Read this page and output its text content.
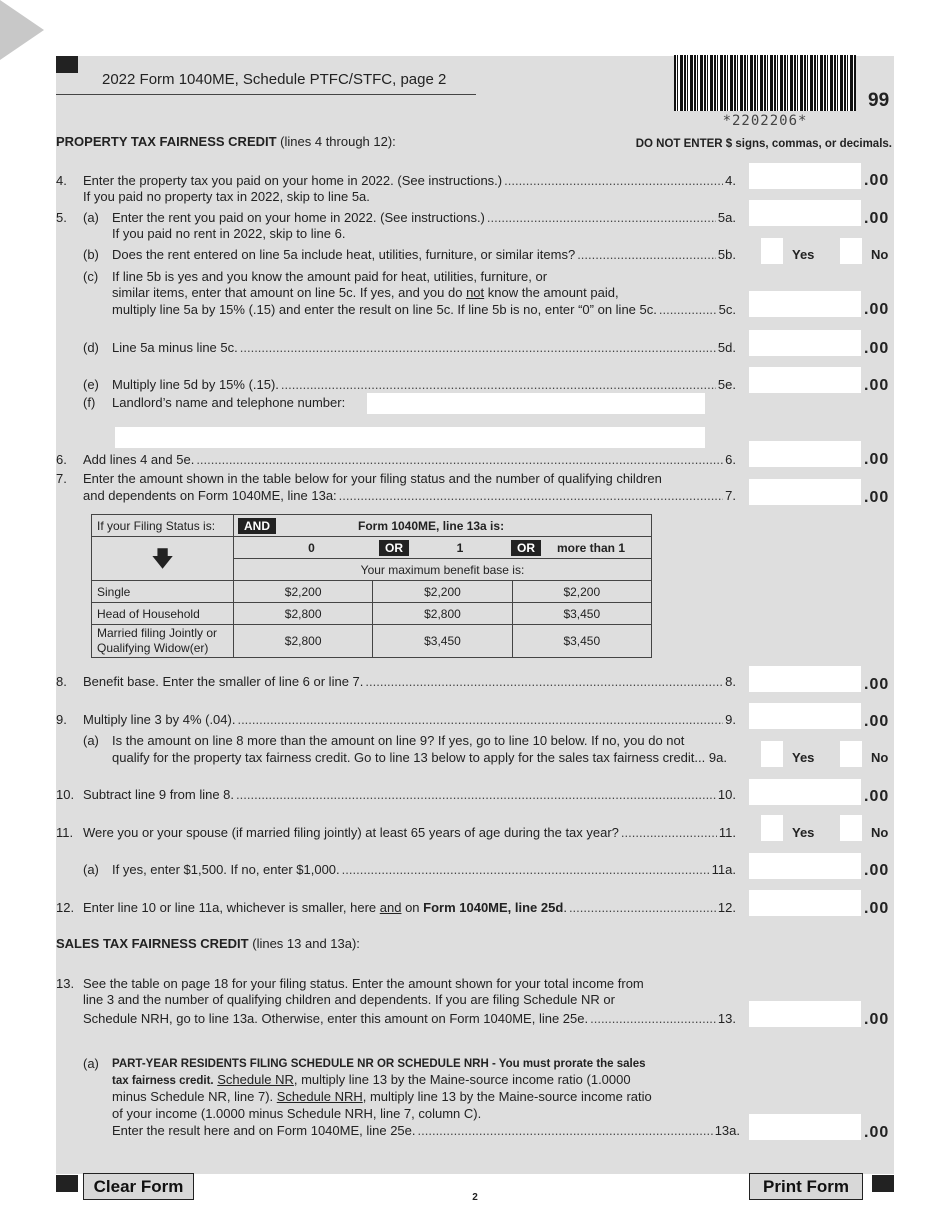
2022 Form 1040ME, Schedule PTFC/STFC, page 2
*2202206*
99
PROPERTY TAX FAIRNESS CREDIT (lines 4 through 12):	DO NOT ENTER $ signs, commas, or decimals.
4. Enter the property tax you paid on your home in 2022. (See instructions.) .....	4.
If you paid no property tax in 2022, skip to line 5a.
.00
5. (a) Enter the rent you paid on your home in 2022. (See instructions.) .....	5a.
If you paid no rent in 2022, skip to line 6.
.00
(b) Does the rent entered on line 5a include heat, utilities, furniture, or similar items? .....	5b.	Yes	No
(c) If line 5b is yes and you know the amount paid for heat, utilities, furniture, or
similar items, enter that amount on line 5c. If yes, and you do not know the amount paid,
multiply line 5a by 15% (.15) and enter the result on line 5c. If line 5b is no, enter “0” on line 5c. .....	5c.	.00
(d) Line 5a minus line 5c. .....	5d.	.00
(e) Multiply line 5d by 15% (.15). .....	5e.	.00
(f) Landlord’s name and telephone number:
6. Add lines 4 and 5e. .....	6.	.00
7. Enter the amount shown in the table below for your filing status and the number of qualifying children
and dependents on Form 1040ME, line 13a: .....	7.	.00
If your Filing Status is:	AND Form 1040ME, line 13a is:		
🡇	0 OR 1 OR more than 1		
	Your maximum benefit base is:		
Single	$2,200	$2,200	$2,200
Head of Household	$2,800	$2,800	$3,450
Married filing Jointly or
Qualifying Widow(er)	$2,800	$3,450	$3,450
8. Benefit base. Enter the smaller of line 6 or line 7. .....	8.	.00
9. Multiply line 3 by 4% (.04). .....	9.	.00
(a) Is the amount on line 8 more than the amount on line 9? If yes, go to line 10 below. If no, you do not
qualify for the property tax fairness credit. Go to line 13 below to apply for the sales tax fairness credit... 9a.	Yes	No
10. Subtract line 9 from line 8. .....	10.	.00
11. Were you or your spouse (if married filing jointly) at least 65 years of age during the tax year? .....	11.	Yes	No
(a) If yes, enter $1,500. If no, enter $1,000. .....	11a.	.00
12. Enter line 10 or line 11a, whichever is smaller, here and on Form 1040ME, line 25d. .....	12.	.00
SALES TAX FAIRNESS CREDIT (lines 13 and 13a):
13. See the table on page 18 for your filing status. Enter the amount shown for your total income from
line 3 and the number of qualifying children and dependents. If you are filing Schedule NR or
Schedule NRH, go to line 13a. Otherwise, enter this amount on Form 1040ME, line 25e. .....	13.	.00
(a) PART-YEAR RESIDENTS FILING SCHEDULE NR OR SCHEDULE NRH - You must prorate the sales
tax fairness credit. Schedule NR, multiply line 13 by the Maine-source income ratio (1.0000
minus Schedule NR, line 7). Schedule NRH, multiply line 13 by the Maine-source income ratio
of your income (1.0000 minus Schedule NRH, line 7, column C).
Enter the result here and on Form 1040ME, line 25e. .....	13a.	.00
Clear Form
2
Print Form
